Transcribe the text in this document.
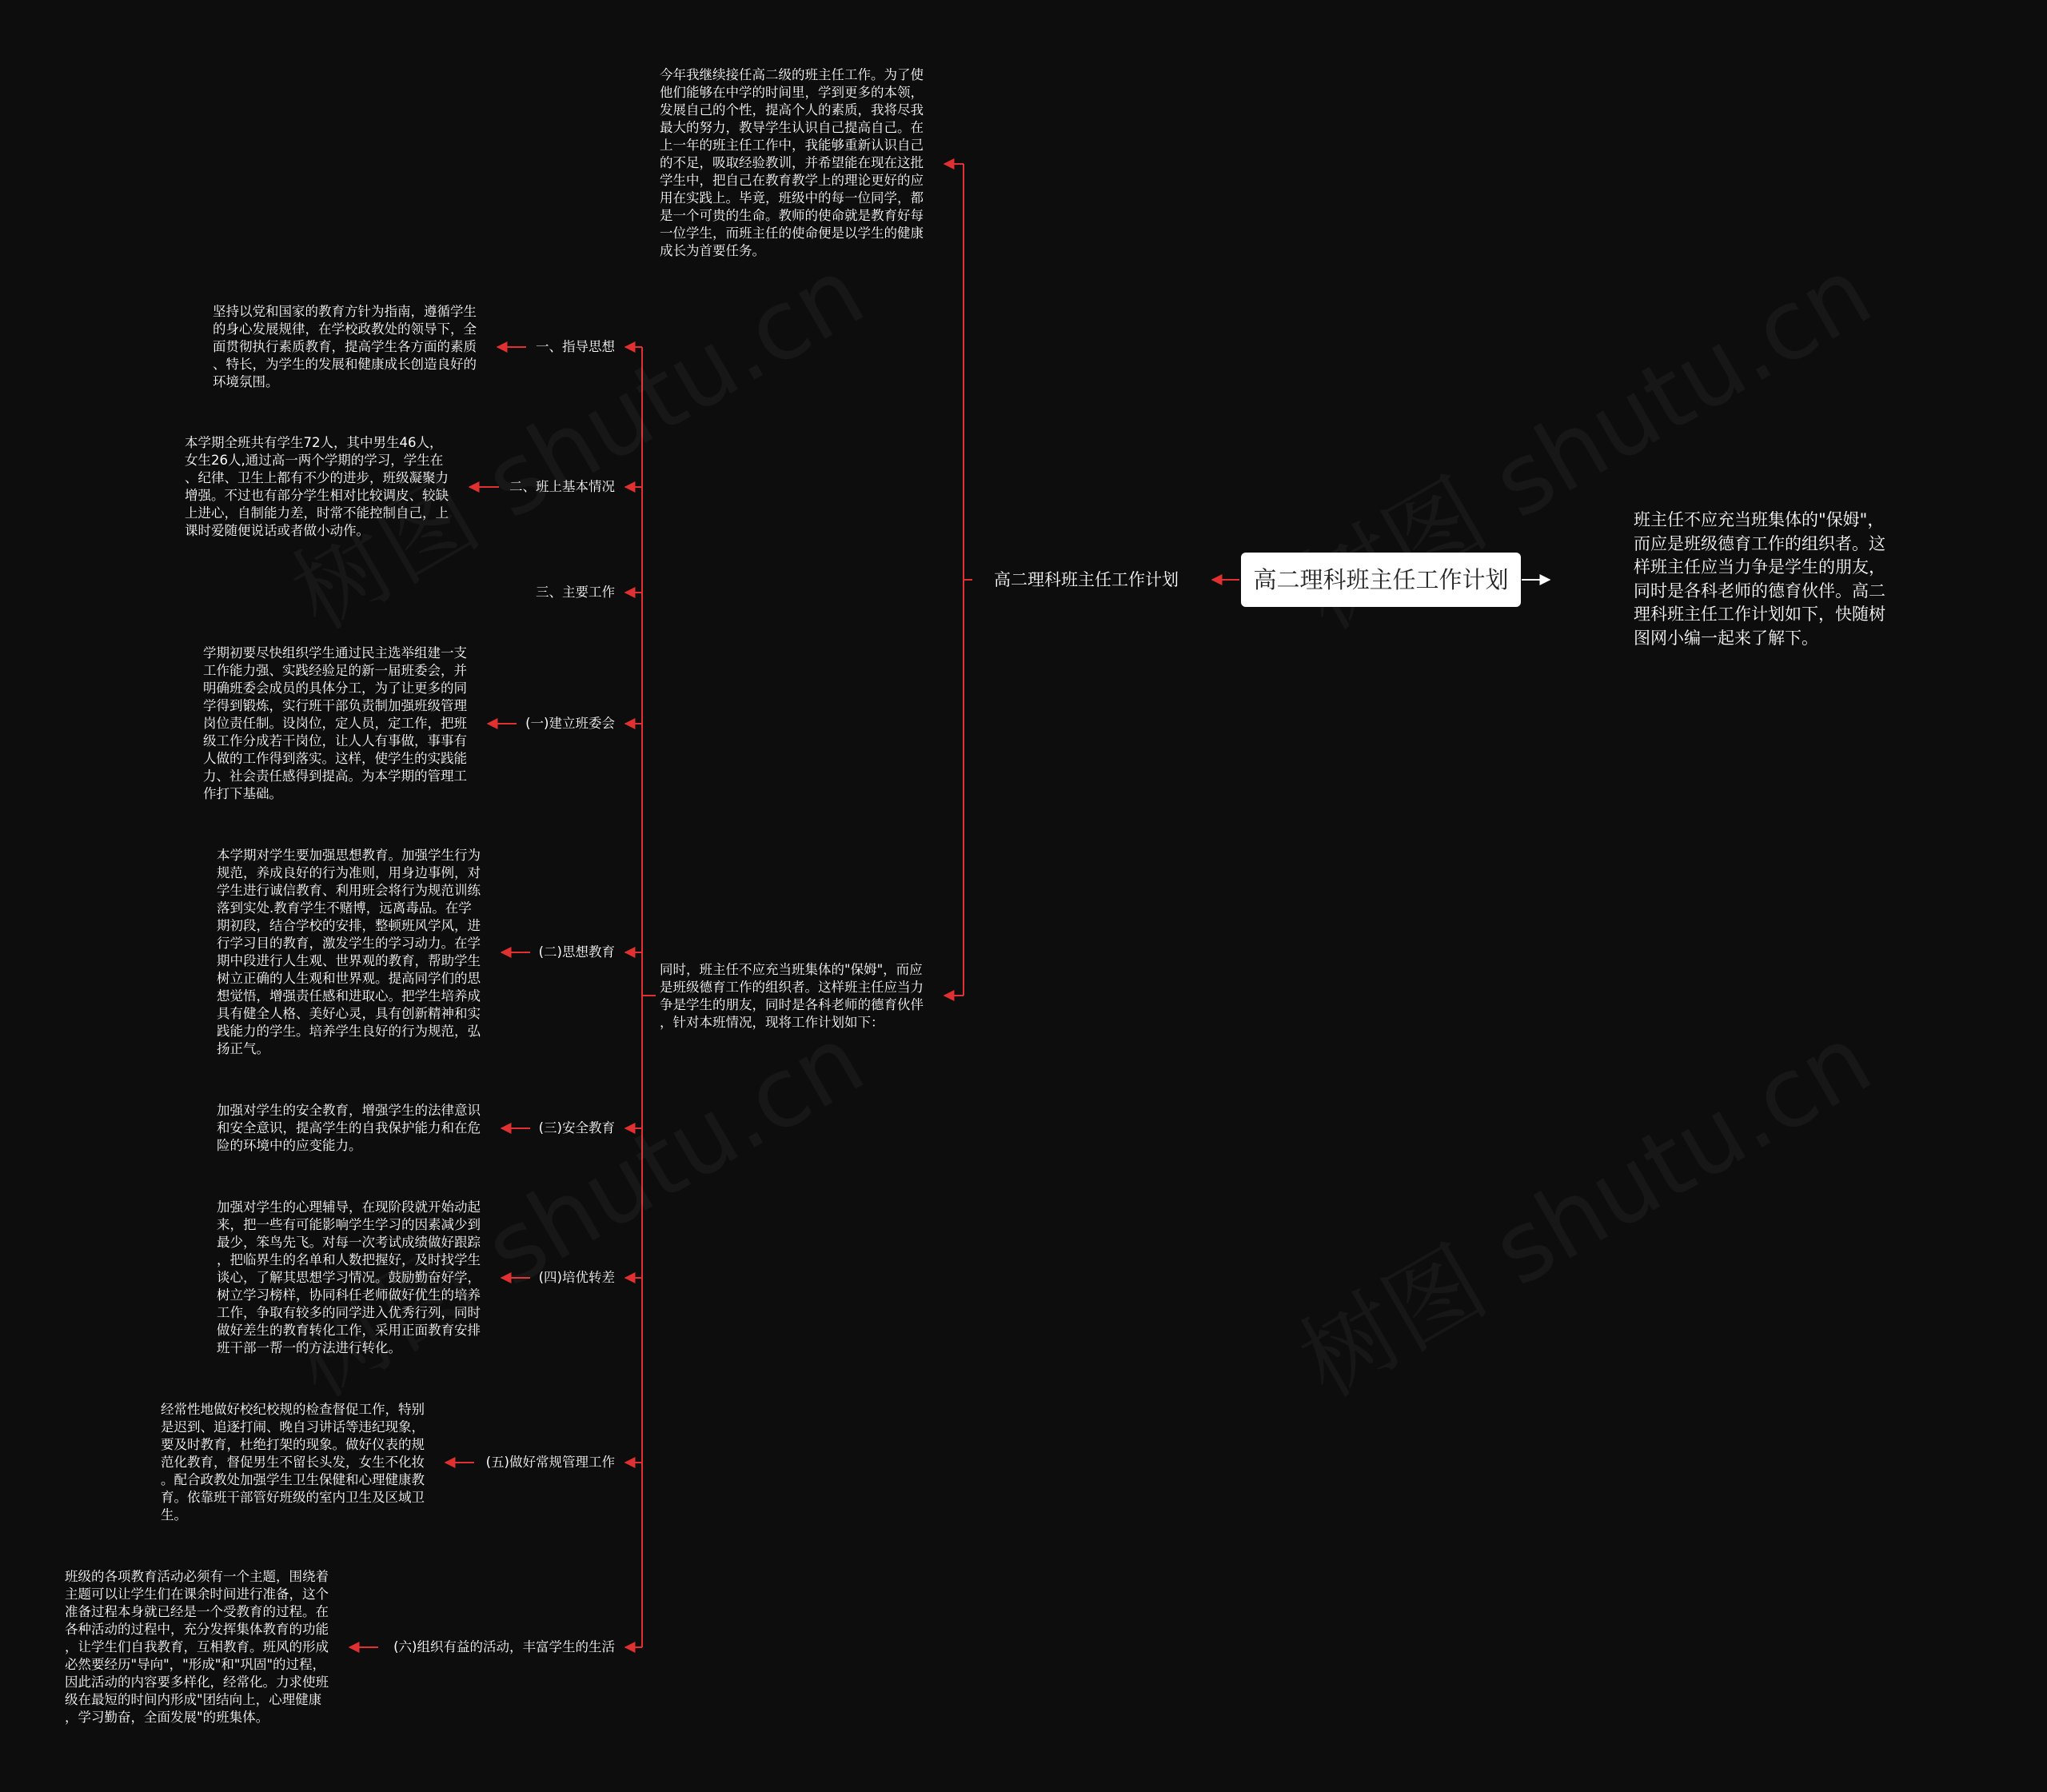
高二理科班主任工作计划
班主任不应充当班集体的"保姆"，
而应是班级德育工作的组织者。这
样班主任应当力争是学生的朋友，
同时是各科老师的德育伙伴。高二
理科班主任工作计划如下，快随树
图网小编一起来了解下。
高二理科班主任工作计划
今年我继续接任高二级的班主任工作。为了使
他们能够在中学的时间里，学到更多的本领，
发展自己的个性，提高个人的素质，我将尽我
最大的努力，教导学生认识自己提高自己。在
上一年的班主任工作中，我能够重新认识自己
的不足，吸取经验教训，并希望能在现在这批
学生中，把自己在教育教学上的理论更好的应
用在实践上。毕竟，班级中的每一位同学，都
是一个可贵的生命。教师的使命就是教育好每
一位学生，而班主任的使命便是以学生的健康
成长为首要任务。
同时，班主任不应充当班集体的"保姆"，而应
是班级德育工作的组织者。这样班主任应当力
争是学生的朋友，同时是各科老师的德育伙伴
，针对本班情况，现将工作计划如下：
一、指导思想
二、班上基本情况
三、主要工作
(一)建立班委会
(二)思想教育
(三)安全教育
(四)培优转差
(五)做好常规管理工作
(六)组织有益的活动，丰富学生的生活
坚持以党和国家的教育方针为指南，遵循学生
的身心发展规律，在学校政教处的领导下，全
面贯彻执行素质教育，提高学生各方面的素质
、特长，为学生的发展和健康成长创造良好的
环境氛围。
本学期全班共有学生72人，其中男生46人，
女生26人,通过高一两个学期的学习，学生在
、纪律、卫生上都有不少的进步，班级凝聚力
增强。不过也有部分学生相对比较调皮、较缺
上进心，自制能力差，时常不能控制自己，上
课时爱随便说话或者做小动作。
学期初要尽快组织学生通过民主选举组建一支
工作能力强、实践经验足的新一届班委会，并
明确班委会成员的具体分工，为了让更多的同
学得到锻炼，实行班干部负责制加强班级管理
岗位责任制。设岗位，定人员，定工作，把班
级工作分成若干岗位，让人人有事做，事事有
人做的工作得到落实。这样，使学生的实践能
力、社会责任感得到提高。为本学期的管理工
作打下基础。
本学期对学生要加强思想教育。加强学生行为
规范，养成良好的行为准则，用身边事例，对
学生进行诚信教育、利用班会将行为规范训练
落到实处.教育学生不赌博，远离毒品。在学
期初段，结合学校的安排，整顿班风学风，进
行学习目的教育，激发学生的学习动力。在学
期中段进行人生观、世界观的教育，帮助学生
树立正确的人生观和世界观。提高同学们的思
想觉悟，增强责任感和进取心。把学生培养成
具有健全人格、美好心灵，具有创新精神和实
践能力的学生。培养学生良好的行为规范，弘
扬正气。
加强对学生的安全教育，增强学生的法律意识
和安全意识，提高学生的自我保护能力和在危
险的环境中的应变能力。
加强对学生的心理辅导，在现阶段就开始动起
来，把一些有可能影响学生学习的因素减少到
最少，笨鸟先飞。对每一次考试成绩做好跟踪
，把临界生的名单和人数把握好，及时找学生
谈心，了解其思想学习情况。鼓励勤奋好学，
树立学习榜样，协同科任老师做好优生的培养
工作，争取有较多的同学进入优秀行列，同时
做好差生的教育转化工作，采用正面教育安排
班干部一帮一的方法进行转化。
经常性地做好校纪校规的检查督促工作，特别
是迟到、追逐打闹、晚自习讲话等违纪现象，
要及时教育，杜绝打架的现象。做好仪表的规
范化教育，督促男生不留长头发，女生不化妆
。配合政教处加强学生卫生保健和心理健康教
育。依靠班干部管好班级的室内卫生及区域卫
生。
班级的各项教育活动必须有一个主题，围绕着
主题可以让学生们在课余时间进行准备，这个
准备过程本身就已经是一个受教育的过程。在
各种活动的过程中，充分发挥集体教育的功能
，让学生们自我教育，互相教育。班风的形成
必然要经历"导向"，"形成"和"巩固"的过程，
因此活动的内容要多样化，经常化。力求使班
级在最短的时间内形成"团结向上，心理健康
，学习勤奋，全面发展"的班集体。
